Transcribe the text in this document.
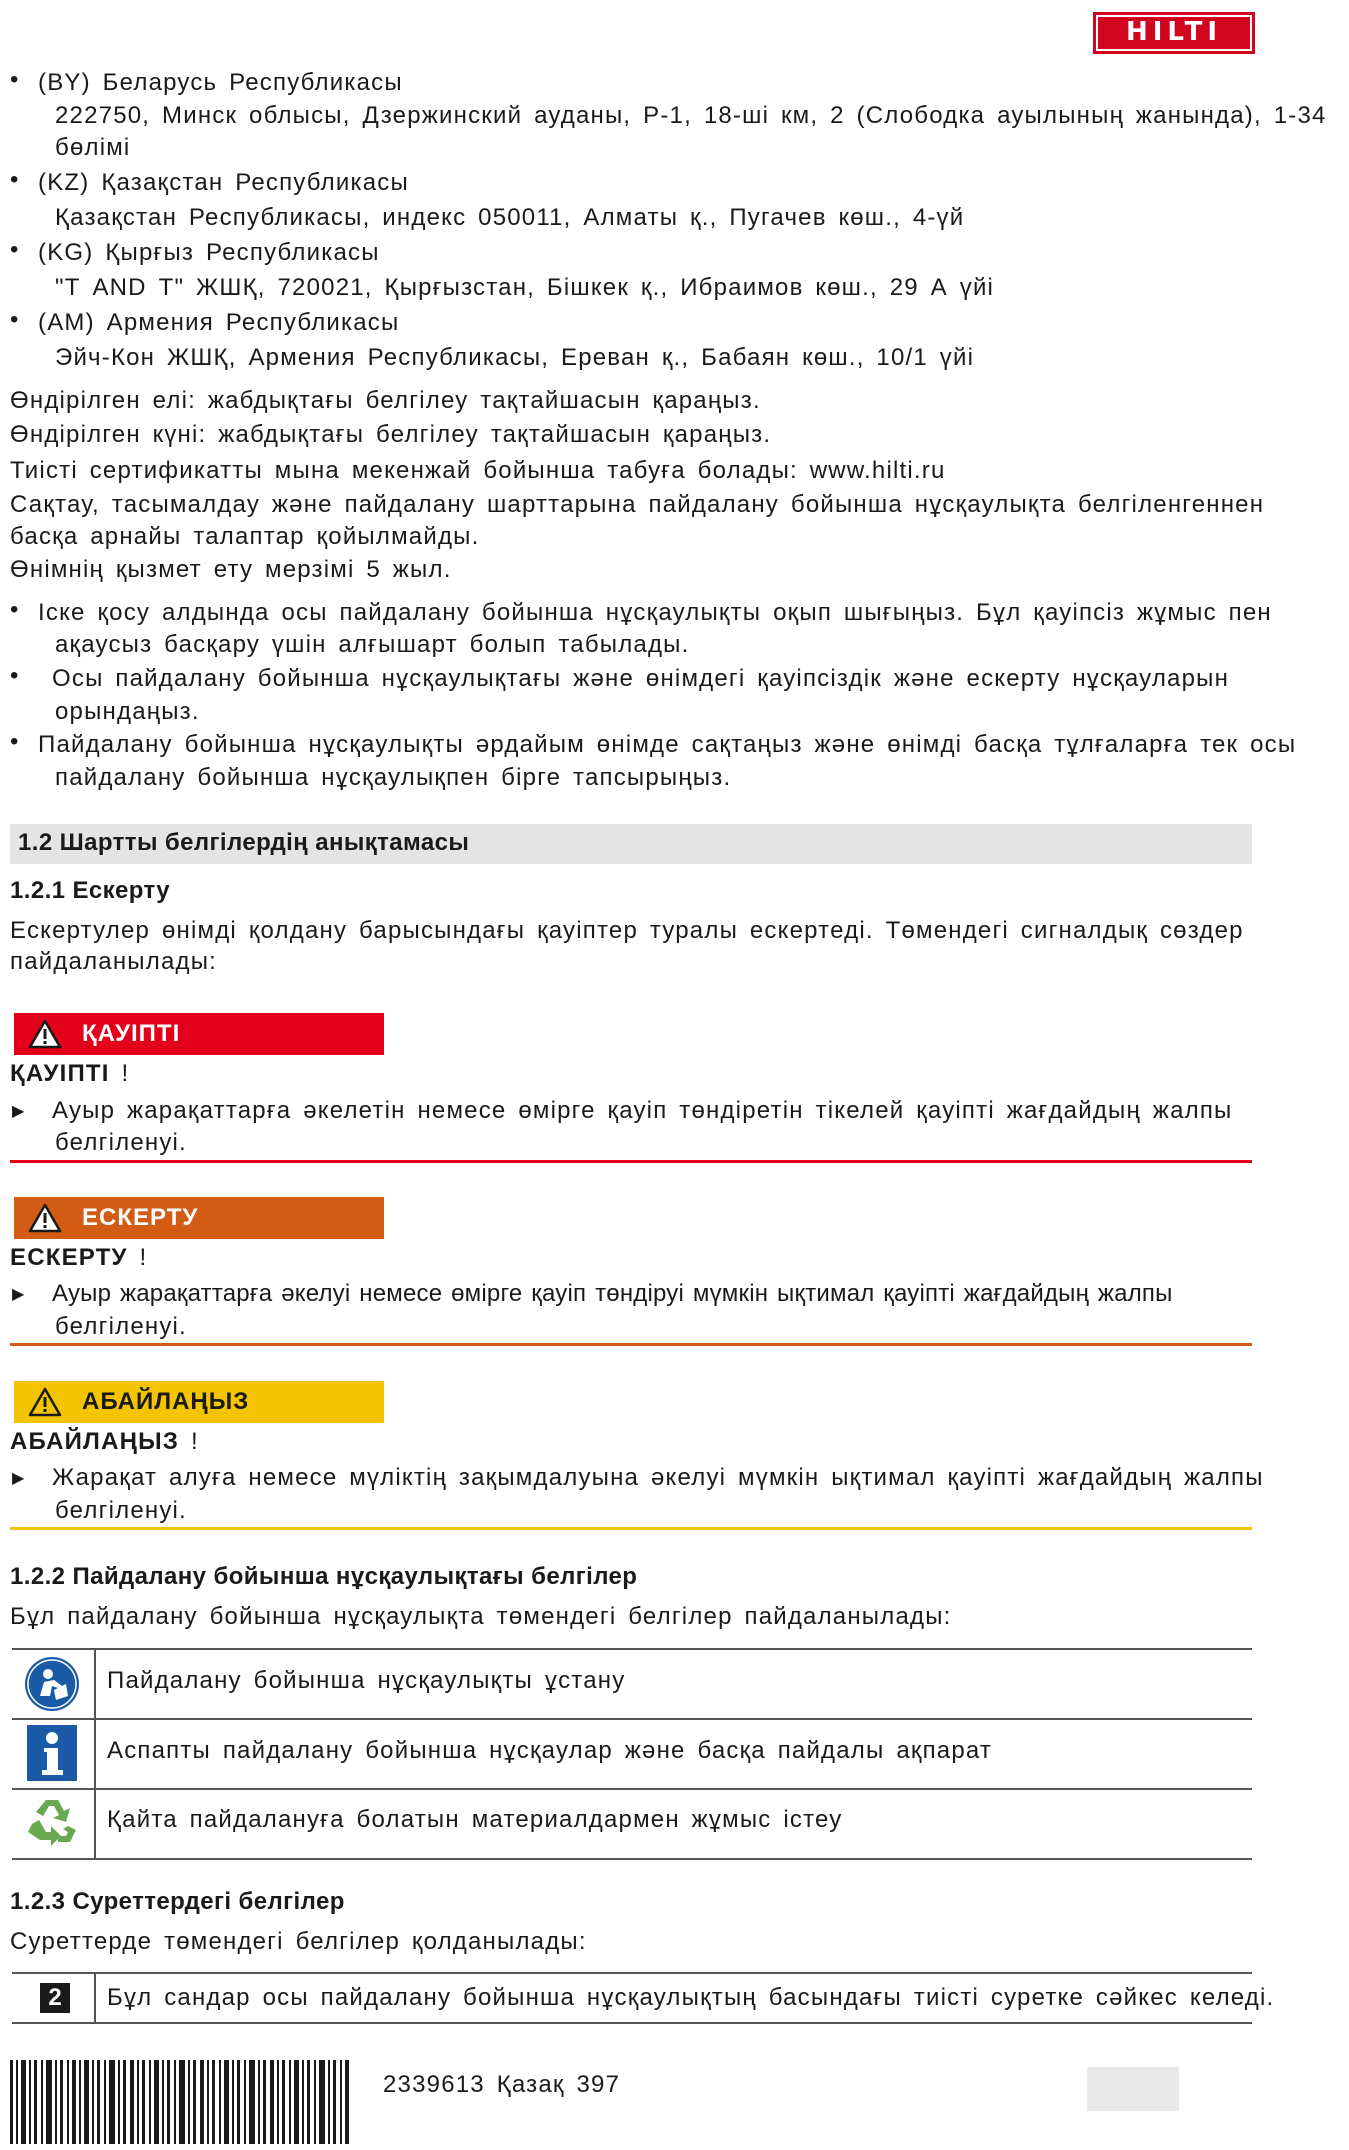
HILTI
• (BY) Беларусь Республикасы
222750, Минск облысы, Дзержинский ауданы, Р-1, 18-ші км, 2 (Слободка ауылының жанында), 1-34
бөлімі
• (KZ) Қазақстан Республикасы
Қазақстан Республикасы, индекс 050011, Алматы қ., Пугачев көш., 4-үй
• (KG) Қырғыз Республикасы
"Т AND Т" ЖШҚ, 720021, Қырғызстан, Бішкек қ., Ибраимов көш., 29 А үйі
• (AM) Армения Республикасы
Эйч-Кон ЖШҚ, Армения Республикасы, Ереван қ., Бабаян көш., 10/1 үйі
Өндірілген елі: жабдықтағы белгілеу тақтайшасын қараңыз.
Өндірілген күні: жабдықтағы белгілеу тақтайшасын қараңыз.
Тиісті сертификатты мына мекенжай бойынша табуға болады: www.hilti.ru
Сақтау, тасымалдау және пайдалану шарттарына пайдалану бойынша нұсқаулықта белгіленгеннен
басқа арнайы талаптар қойылмайды.
Өнімнің қызмет ету мерзімі 5 жыл.
• Іске қосу алдында осы пайдалану бойынша нұсқаулықты оқып шығыңыз. Бұл қауіпсіз жұмыс пен
ақаусыз басқару үшін алғышарт болып табылады.
• Осы пайдалану бойынша нұсқаулықтағы және өнімдегі қауіпсіздік және ескерту нұсқауларын
орындаңыз.
• Пайдалану бойынша нұсқаулықты әрдайым өнімде сақтаңыз және өнімді басқа тұлғаларға тек осы
пайдалану бойынша нұсқаулықпен бірге тапсырыңыз.
1.2 Шартты белгілердің анықтамасы
1.2.1 Ескерту
Ескертулер өнімді қолдану барысындағы қауіптер туралы ескертеді. Төмендегі сигналдық сөздер
пайдаланылады:
ҚАУІПТІ
ҚАУІПТІ !
▶ Ауыр жарақаттарға әкелетін немесе өмірге қауіп төндіретін тікелей қауіпті жағдайдың жалпы
белгіленуі.
ЕСКЕРТУ
ЕСКЕРТУ !
▶ Ауыр жарақаттарға әкелуі немесе өмірге қауіп төндіруі мүмкін ықтимал қауіпті жағдайдың жалпы
белгіленуі.
АБАЙЛАҢЫЗ
АБАЙЛАҢЫЗ !
▶ Жарақат алуға немесе мүліктің зақымдалуына әкелуі мүмкін ықтимал қауіпті жағдайдың жалпы
белгіленуі.
1.2.2 Пайдалану бойынша нұсқаулықтағы белгілер
Бұл пайдалану бойынша нұсқаулықта төмендегі белгілер пайдаланылады:
Пайдалану бойынша нұсқаулықты ұстану
Аспапты пайдалану бойынша нұсқаулар және басқа пайдалы ақпарат
Қайта пайдалануға болатын материалдармен жұмыс істеу
1.2.3 Суреттердегі белгілер
Суреттерде төмендегі белгілер қолданылады:
2	Бұл сандар осы пайдалану бойынша нұсқаулықтың басындағы тиісті суретке сәйкес келеді.
2339613 Қазақ 397
